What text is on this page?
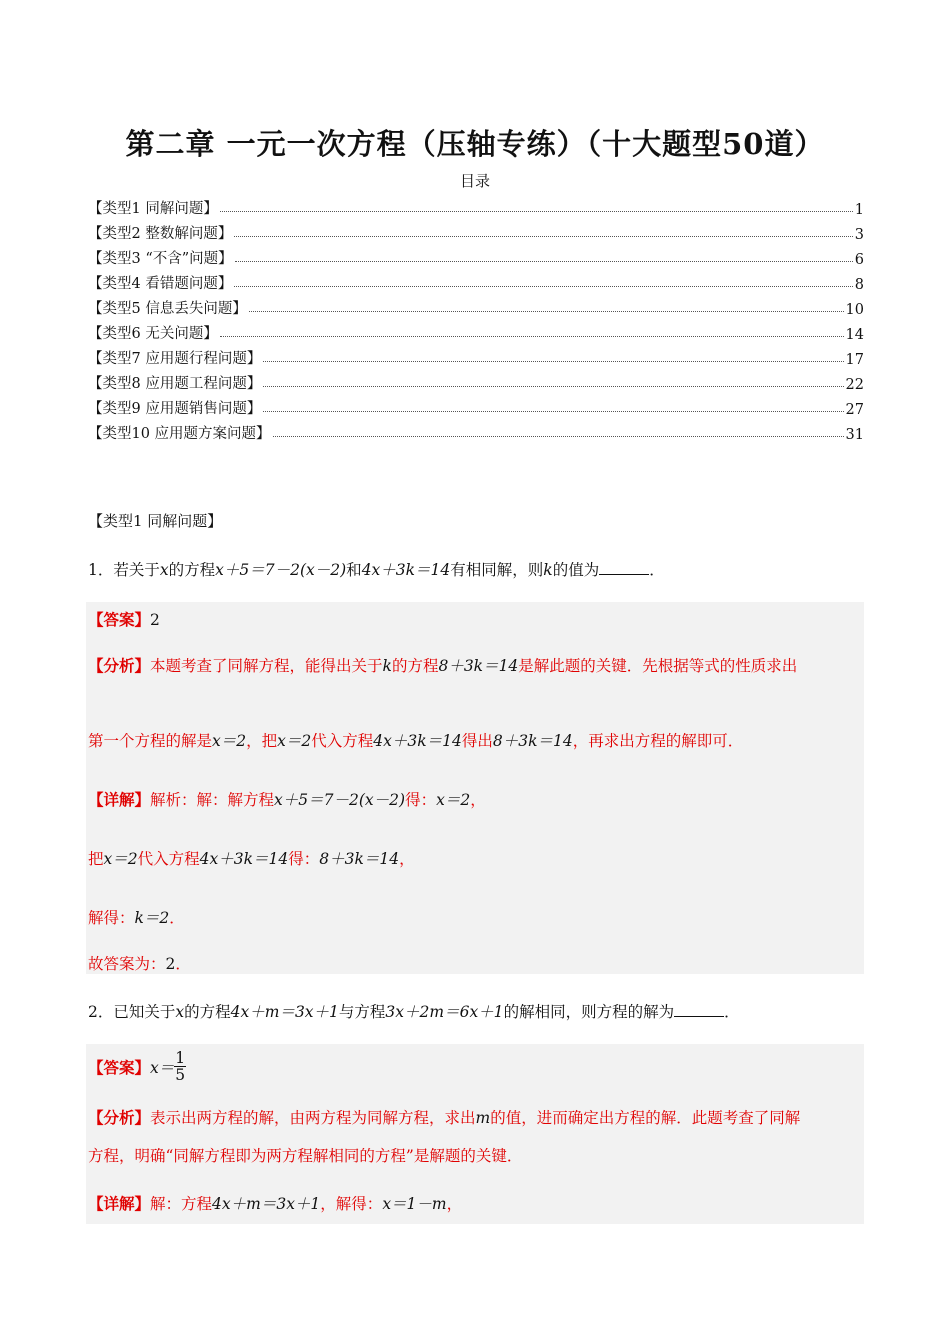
第二章 一元一次方程（压轴专练）（十大题型50道）
目录
【类型1 同解问题】	1
【类型2 整数解问题】	3
【类型3 “不含”问题】	6
【类型4 看错题问题】	8
【类型5 信息丢失问题】	10
【类型6 无关问题】	14
【类型7 应用题行程问题】	17
【类型8 应用题工程问题】	22
【类型9 应用题销售问题】	27
【类型10 应用题方案问题】	31
【类型1 同解问题】
1．若关于x的方程x＋5＝7－2(x－2)和4x＋3k＝14有相同解，则k的值为	．
【答案】2
【分析】本题考查了同解方程，能得出关于k的方程8＋3k＝14是解此题的关键．先根据等式的性质求出
第一个方程的解是x＝2，把x＝2代入方程4x＋3k＝14得出8＋3k＝14，再求出方程的解即可．
【详解】解析：解：解方程x＋5＝7－2(x－2)得：x＝2，
把x＝2代入方程4x＋3k＝14得：8＋3k＝14，
解得：k＝2．
故答案为：2．
2．已知关于x的方程4x＋m＝3x＋1与方程3x＋2m＝6x＋1的解相同，则方程的解为	．
【答案】 $x= \frac{1}{5}$
【分析】表示出两方程的解，由两方程为同解方程，求出m的值，进而确定出方程的解．此题考查了同解
方程，明确“同解方程即为两方程解相同的方程”是解题的关键．
【详解】解：方程4x＋m＝3x＋1，解得：x＝1－m，
